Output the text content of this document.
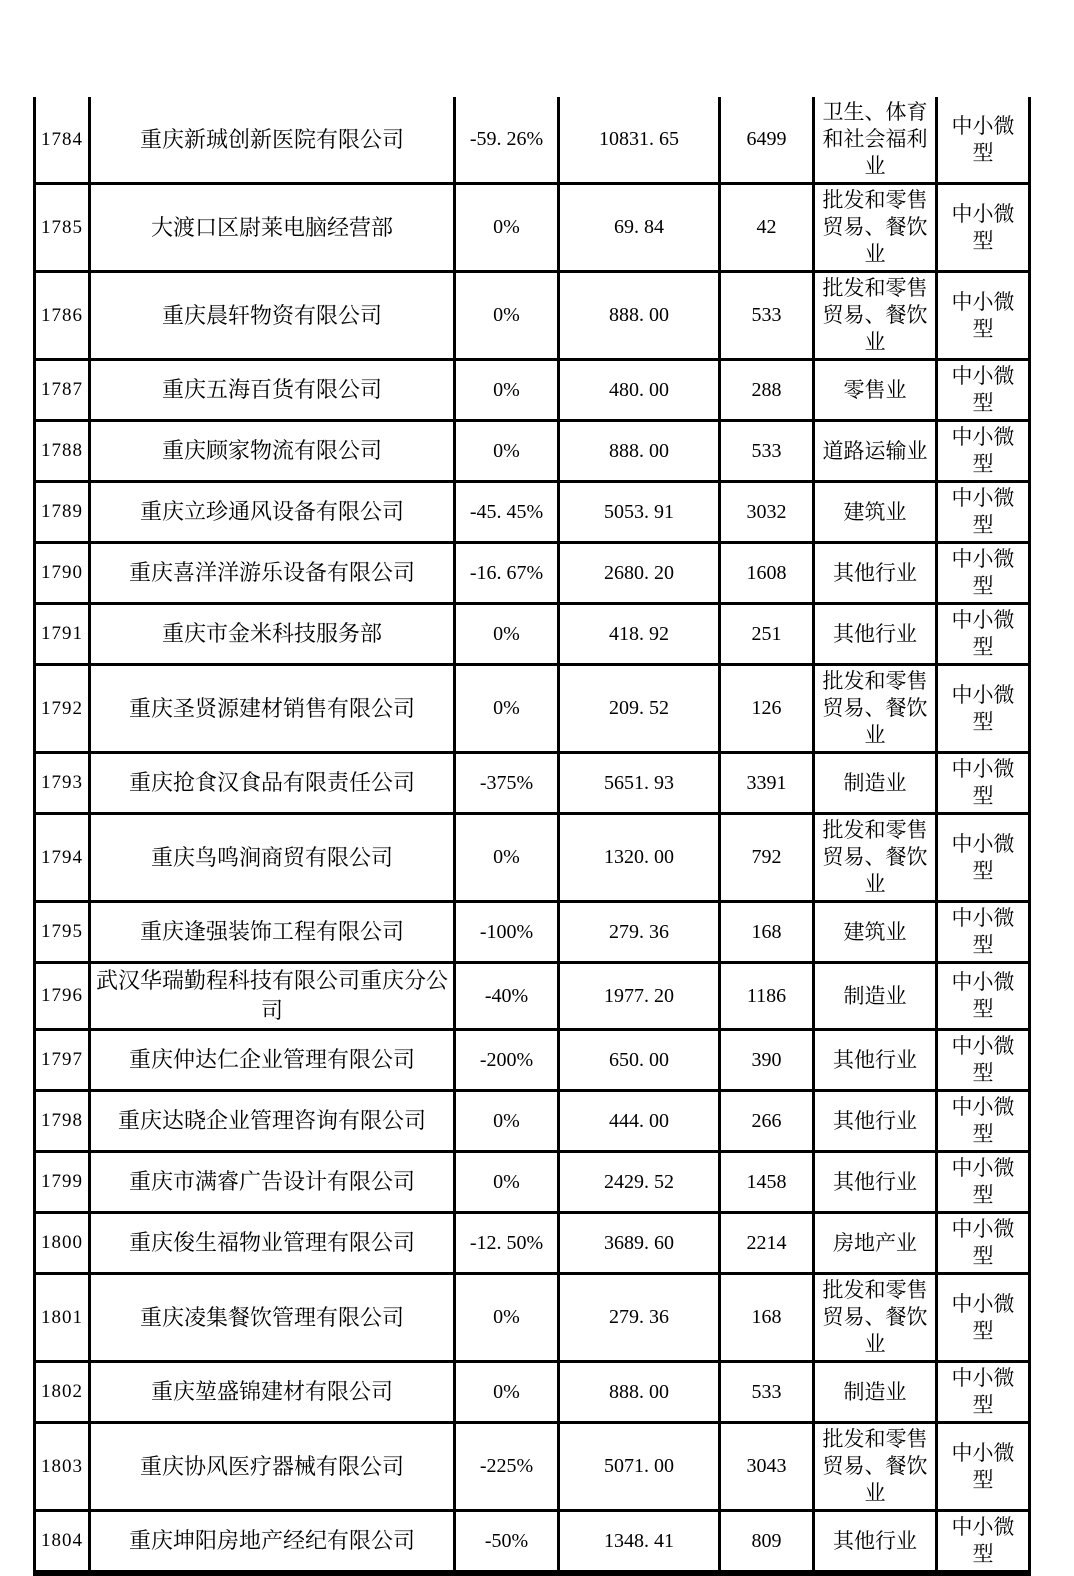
1784	重庆新珹创新医院有限公司	-59. 26%	10831. 65	6499	卫生、体育和社会福利业	中小微型
1785	大渡口区尉莱电脑经营部	0%	69. 84	42	批发和零售贸易、餐饮业	中小微型
1786	重庆晨轩物资有限公司	0%	888. 00	533	批发和零售贸易、餐饮业	中小微型
1787	重庆五海百货有限公司	0%	480. 00	288	零售业	中小微型
1788	重庆顾家物流有限公司	0%	888. 00	533	道路运输业	中小微型
1789	重庆立珍通风设备有限公司	-45. 45%	5053. 91	3032	建筑业	中小微型
1790	重庆喜洋洋游乐设备有限公司	-16. 67%	2680. 20	1608	其他行业	中小微型
1791	重庆市金米科技服务部	0%	418. 92	251	其他行业	中小微型
1792	重庆圣贤源建材销售有限公司	0%	209. 52	126	批发和零售贸易、餐饮业	中小微型
1793	重庆抢食汉食品有限责任公司	-375%	5651. 93	3391	制造业	中小微型
1794	重庆鸟鸣涧商贸有限公司	0%	1320. 00	792	批发和零售贸易、餐饮业	中小微型
1795	重庆逢强装饰工程有限公司	-100%	279. 36	168	建筑业	中小微型
1796	武汉华瑞勤程科技有限公司重庆分公司	-40%	1977. 20	1186	制造业	中小微型
1797	重庆仲达仁企业管理有限公司	-200%	650. 00	390	其他行业	中小微型
1798	重庆达晓企业管理咨询有限公司	0%	444. 00	266	其他行业	中小微型
1799	重庆市满睿广告设计有限公司	0%	2429. 52	1458	其他行业	中小微型
1800	重庆俊生福物业管理有限公司	-12. 50%	3689. 60	2214	房地产业	中小微型
1801	重庆凌集餐饮管理有限公司	0%	279. 36	168	批发和零售贸易、餐饮业	中小微型
1802	重庆堃盛锦建材有限公司	0%	888. 00	533	制造业	中小微型
1803	重庆协风医疗器械有限公司	-225%	5071. 00	3043	批发和零售贸易、餐饮业	中小微型
1804	重庆坤阳房地产经纪有限公司	-50%	1348. 41	809	其他行业	中小微型
